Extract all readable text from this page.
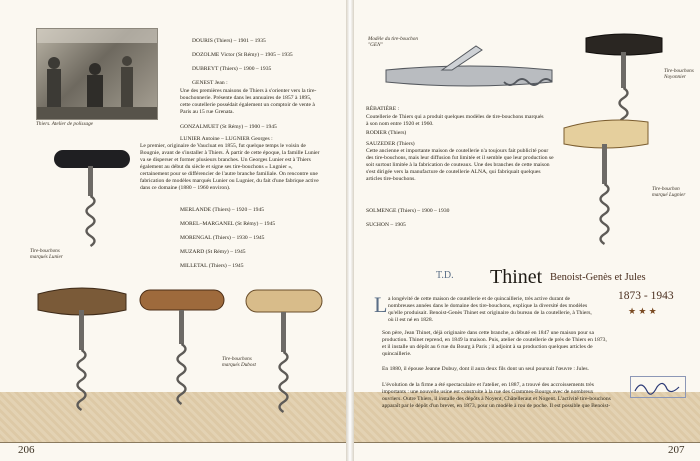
Thiers. Atelier de polissage
DOURIS (Thiers) – 1901 – 1935
DOZOLME Victor (St Rémy) – 1905 – 1935
DUBREYT (Thiers) – 1900 – 1935
GENEST Jean :
Une des premières maisons de Thiers à s'orienter vers la tire-bouchonnerie. Présente dans les annuaires de 1857 à 1895, cette coutellerie possédait également un comptoir de vente à Paris au 15 rue Grenata.
GONZALMUET (St Rémy) – 1900 – 1945
LUNIER Antoine – LUGNIER Georges :
Le premier, originaire de Vaucluat en 1855, fut quelque temps le voisin de Bougnie, avant de s'installer à Thiers. À partir de cette époque, la famille Lunier va se disperser et former plusieurs branches. Un Georges Lunier est à Thiers également au début du siècle et signe ses tire-bouchons « Lugnier », certainement pour se différencier de l'autre branche familiale. On rencontre une fabrication de modèles marqués Lunier ou Lugnier, du fait d'une fabrique active dans ce domaine (1880 – 1960 environ).
MERLANDE (Thiers) – 1920 – 1945
MOREL–MARGANEL (St Rémy) – 1945
MORENGAL (Thiers) – 1930 – 1945
MUZARD (St Rémy) – 1945
MILLETAL (Thiers) – 1945
Tire-bouchons marqués Lunier
Tire-bouchons marqués Dubost
206
Modèle du tire-bouchon "GEN"
Tire-bouchons Noyonnier
RÉBATIÈRE :
Coutellerie de Thiers qui a produit quelques modèles de tire-bouchons marqués à son nom entre 1920 et 1960.
RODIER (Thiers)
SAUZEDER (Thiers)
Cette ancienne et importante maison de coutellerie n'a toujours fait publicité pour des tire-bouchons, mais leur diffusion fut limitée et il semble que leur production se soit surtout limitée à la fabrication de couteaux. Une des branches de cette maison s'est dirigée vers la manufacture de coutellerie ALNA, qui fabriquait quelques articles tire-bouchons.
Tire-bouchon marqué Lugnier
SOLMENGE (Thiers) – 1900 – 1930
SUCHON – 1905
T.D. Thinet Benoist-Genès et Jules
1873 - 1943
★ ★ ★
L a longévité de cette maison de coutellerie et de quincaillerie, très active durant de nombreuses années dans le domaine des tire-bouchons, explique la diversité des modèles qu'elle produisait. Benoist-Genès Thinet est originaire du bureau de la coutellerie, à Thiers, où il est né en 1828.
Son père, Jean Thinet, déjà originaire dans cette branche, a débuté en 1847 une maison pour sa production. Thinet reprend, en 1849 la maison. Puis, atelier de coutellerie de près de Thiers en 1873, et il installe un dépôt au 6 rue du Bourg à Paris ; il adjoint à sa production quelques articles de quincaillerie.
En 1880, il épouse Jeanne Dubuy, dont il aura deux fils dont un seul poursuit l'œuvre : Jules.
L'évolution de la firme a été spectaculaire et l'atelier, en 1887, a trouvé des accroissements très importants : une nouvelle usine est construite à la rue des Grammes-Bourgs avec de nombreux ouvriers. Outre Thiers, il installe des dépôts à Noyent, Châtelleraut et Nogent. L'activité tire-bouchons apparaît par le dépôt d'un brevet, en 1873, pour un modèle à rou de poche. Il est possible que Benoist-
207
